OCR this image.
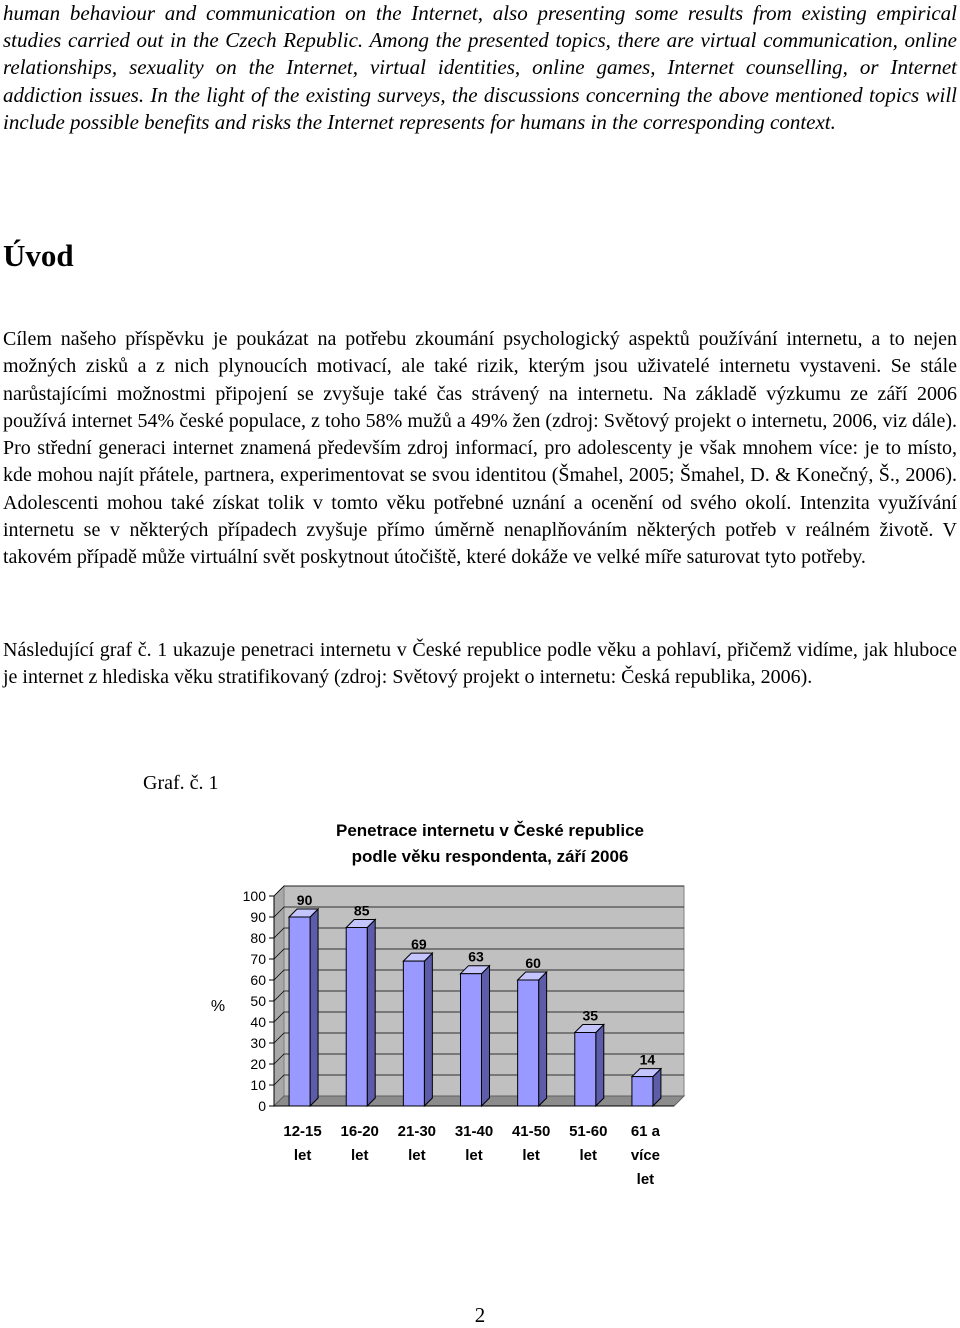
human behaviour and communication on the Internet, also presenting some results from existing empirical studies carried out in the Czech Republic. Among the presented topics, there are virtual communication, online relationships, sexuality on the Internet, virtual identities, online games, Internet counselling, or Internet addiction issues. In the light of the existing surveys, the discussions concerning the above mentioned topics will include possible benefits and risks the Internet represents for humans in the corresponding context.

Úvod

Cílem našeho příspěvku je poukázat na potřebu zkoumání psychologický aspektů používání internetu, a to nejen možných zisků a z nich plynoucích motivací, ale také rizik, kterým jsou uživatelé internetu vystaveni. Se stále narůstajícími možnostmi připojení se zvyšuje také čas strávený na internetu. Na základě výzkumu ze září 2006 používá internet 54% české populace, z toho 58% mužů a 49% žen (zdroj: Světový projekt o internetu, 2006, viz dále). Pro střední generaci internet znamená především zdroj informací, pro adolescenty je však mnohem více: je to místo, kde mohou najít přátele, partnera, experimentovat se svou identitou (Šmahel, 2005; Šmahel, D. & Konečný, Š., 2006). Adolescenti mohou také získat tolik v tomto věku potřebné uznání a ocenění od svého okolí. Intenzita využívání internetu se v některých případech zvyšuje přímo úměrně nenaplňováním některých potřeb v reálném životě. V takovém případě může virtuální svět poskytnout útočiště, které dokáže ve velké míře saturovat tyto potřeby.

Následující graf č. 1 ukazuje penetraci internetu v České republice podle věku a pohlaví, přičemž vidíme, jak hluboce je internet z hlediska věku stratifikovaný (zdroj: Světový projekt o internetu: Česká republika, 2006).

Graf. č. 1
Penetrace internetu v České republice
podle věku respondenta, září 2006
100
90
80
70
60
50
40
30
20
10
0
%
90
12-15
let
85
16-20
let
69
21-30
let
63
31-40
let
60
41-50
let
35
51-60
let
14
61 a
více
let
2
